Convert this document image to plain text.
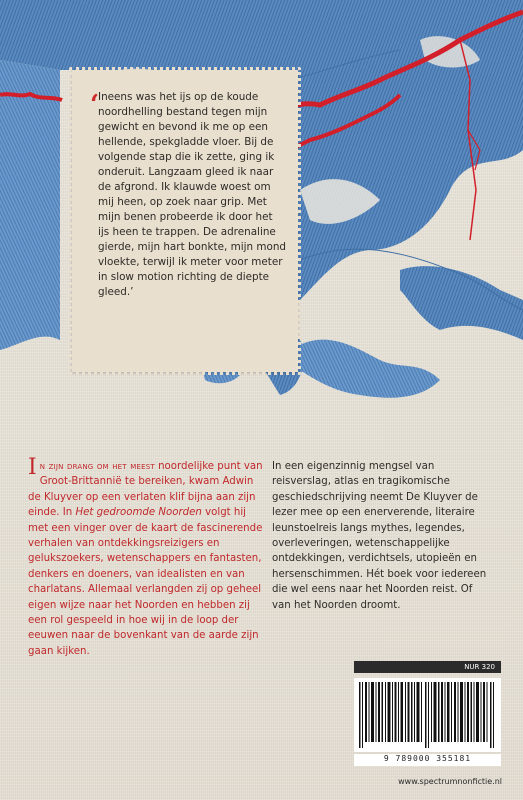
‘

Ineens was het ijs op de koude noordhelling bestand tegen mijn gewicht en bevond ik me op een hellende, spekgladde vloer. Bij de volgende stap die ik zette, ging ik onderuit. Langzaam gleed ik naar de afgrond. Ik klauwde woest om mij heen, op zoek naar grip. Met mijn benen probeerde ik door het ijs heen te trappen. De adrenaline gierde, mijn hart bonkte, mijn mond vloekte, terwijl ik meter voor meter in slow motion richting de diepte gleed.’

In zijn drang om het meest noordelijke punt van Groot-Brittannië te bereiken, kwam Adwin de Kluyver op een verlaten klif bijna aan zijn einde. In Het gedroomde Noorden volgt hij met een vinger over de kaart de fascinerende verhalen van ontdekkingsreizigers en gelukszoekers, wetenschappers en fantasten, denkers en doeners, van idealisten en van charlatans. Allemaal verlangden zij op geheel eigen wijze naar het Noorden en hebben zij een rol gespeeld in hoe wij in de loop der eeuwen naar de bovenkant van de aarde zijn gaan kijken.
In een eigenzinnig mengsel van reisverslag, atlas en tragikomische geschiedschrijving neemt De Kluyver de lezer mee op een enerverende, literaire leunstoelreis langs mythes, legendes, overleveringen, wetenschappelijke ontdekkingen, verdichtsels, utopieën en hersenschimmen. Hét boek voor iedereen die wel eens naar het Noorden reist. Of van het Noorden droomt.
NUR 320
9 789000 355181
www.spectrumnonfictie.nl
